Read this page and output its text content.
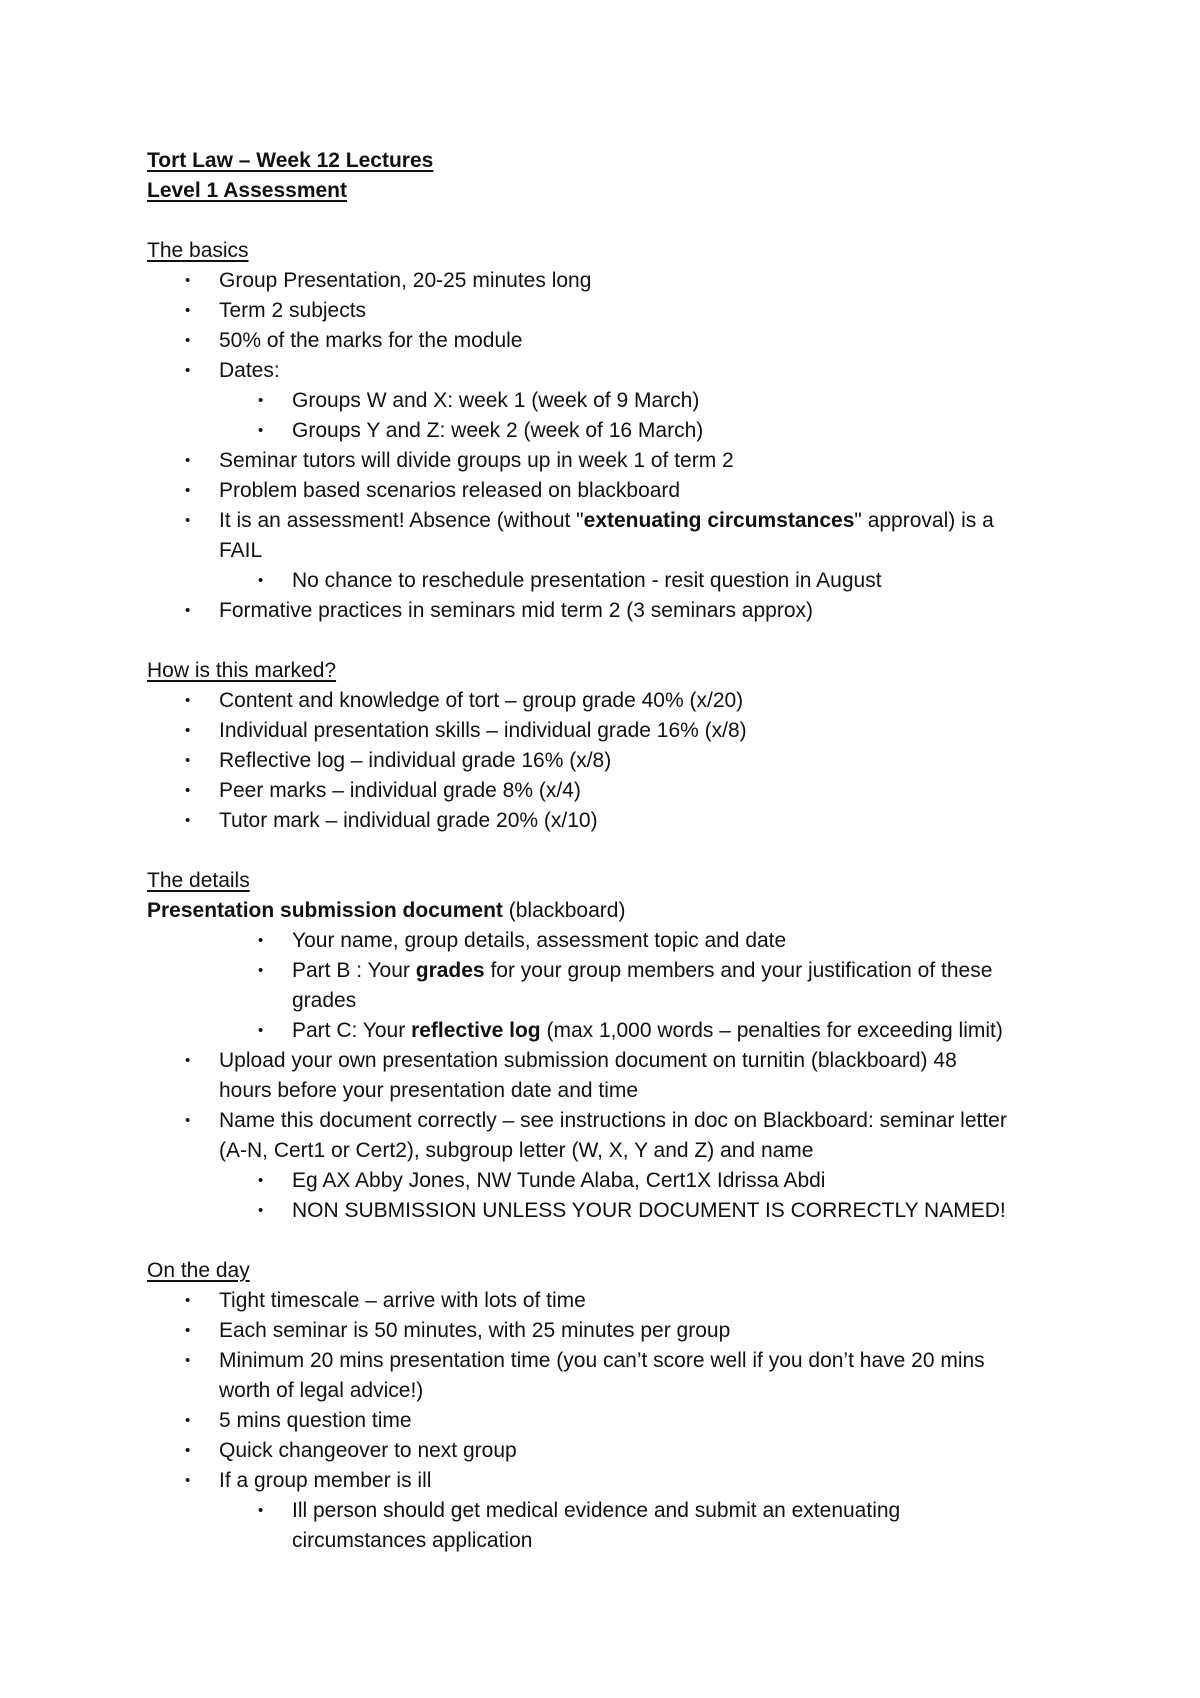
Tort Law – Week 12 Lectures
Level 1 Assessment
The basics
• Group Presentation, 20-25 minutes long
• Term 2 subjects
• 50% of the marks for the module
• Dates:
• Groups W and X: week 1 (week of 9 March)
• Groups Y and Z: week 2 (week of 16 March)
• Seminar tutors will divide groups up in week 1 of term 2
• Problem based scenarios released on blackboard
• It is an assessment! Absence (without "extenuating circumstances" approval) is a
FAIL
• No chance to reschedule presentation - resit question in August
• Formative practices in seminars mid term 2 (3 seminars approx)
How is this marked?
• Content and knowledge of tort – group grade 40% (x/20)
• Individual presentation skills – individual grade 16% (x/8)
• Reflective log – individual grade 16% (x/8)
• Peer marks – individual grade 8% (x/4)
• Tutor mark – individual grade 20% (x/10)
The details
Presentation submission document (blackboard)
• Your name, group details, assessment topic and date
• Part B : Your grades for your group members and your justification of these
grades
• Part C: Your reflective log (max 1,000 words – penalties for exceeding limit)
• Upload your own presentation submission document on turnitin (blackboard) 48
hours before your presentation date and time
• Name this document correctly – see instructions in doc on Blackboard: seminar letter
(A-N, Cert1 or Cert2), subgroup letter (W, X, Y and Z) and name
• Eg AX Abby Jones, NW Tunde Alaba, Cert1X Idrissa Abdi
• NON SUBMISSION UNLESS YOUR DOCUMENT IS CORRECTLY NAMED!
On the day
• Tight timescale – arrive with lots of time
• Each seminar is 50 minutes, with 25 minutes per group
• Minimum 20 mins presentation time (you can’t score well if you don’t have 20 mins
worth of legal advice!)
• 5 mins question time
• Quick changeover to next group
• If a group member is ill
• Ill person should get medical evidence and submit an extenuating
circumstances application
